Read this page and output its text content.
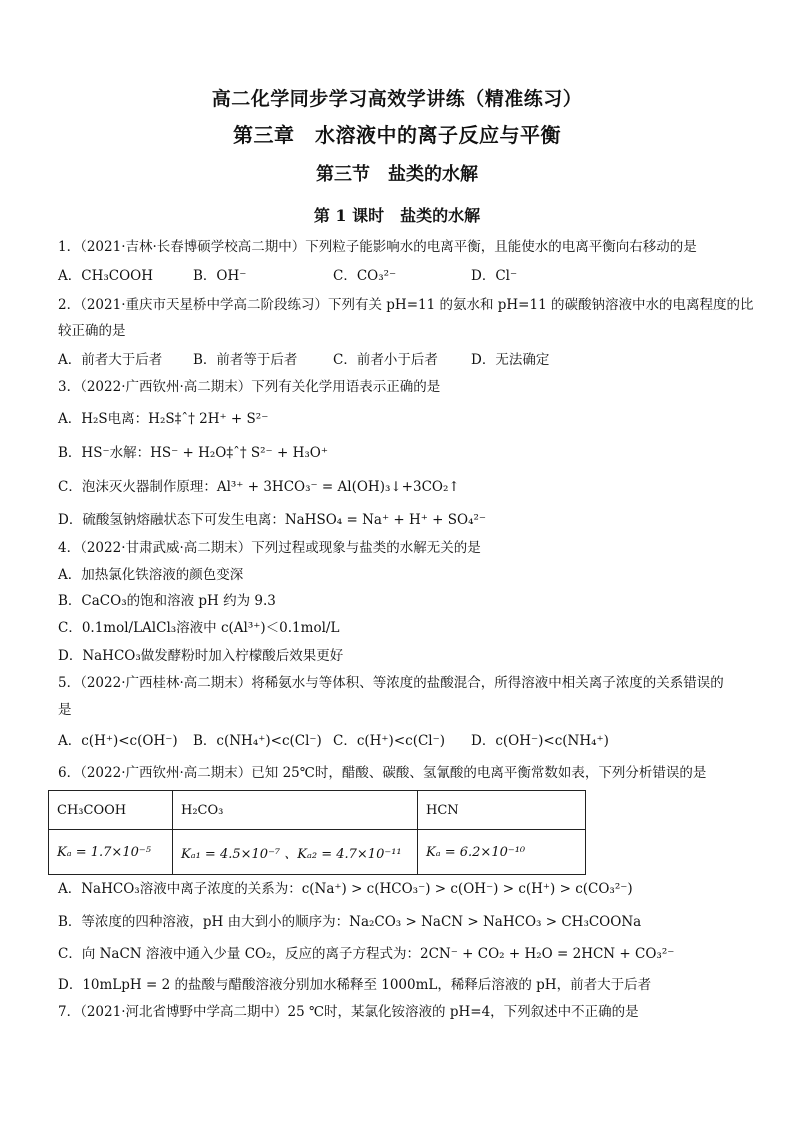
高二化学同步学习高效学讲练（精准练习）
第三章　水溶液中的离子反应与平衡
第三节　盐类的水解
第 1 课时　盐类的水解
1．（2021·吉林·长春博硕学校高二期中）下列粒子能影响水的电离平衡，且能使水的电离平衡向右移动的是
A．CH₃COOH	B．OH⁻	C．CO₃²⁻	D．Cl⁻
2．（2021·重庆市天星桥中学高二阶段练习）下列有关 pH=11 的氨水和 pH=11 的碳酸钠溶液中水的电离程度的比
较正确的是
A．前者大于后者 B．前者等于后者	C．前者小于后者 D．无法确定
3．（2022·广西钦州·高二期末）下列有关化学用语表示正确的是
A．H₂S电离：H₂S‡ˆ† 2H⁺ + S²⁻
B．HS⁻水解：HS⁻ + H₂O‡ˆ† S²⁻ + H₃O⁺
C．泡沫灭火器制作原理：Al³⁺ + 3HCO₃⁻ = Al(OH)₃↓+3CO₂↑
D．硫酸氢钠熔融状态下可发生电离：NaHSO₄ = Na⁺ + H⁺ + SO₄²⁻
4．（2022·甘肃武威·高二期末）下列过程或现象与盐类的水解无关的是
A．加热氯化铁溶液的颜色变深
B．CaCO₃的饱和溶液 pH 约为 9.3
C．0.1mol/LAlCl₃溶液中 c(Al³⁺)＜0.1mol/L
D．NaHCO₃做发酵粉时加入柠檬酸后效果更好
5．（2022·广西桂林·高二期末）将稀氨水与等体积、等浓度的盐酸混合，所得溶液中相关离子浓度的关系错误的
是
A．c(H⁺)<c(OH⁻) B．c(NH₄⁺)<c(Cl⁻) C．c(H⁺)<c(Cl⁻) D．c(OH⁻)<c(NH₄⁺)
6．（2022·广西钦州·高二期末）已知 25℃时，醋酸、碳酸、氢氰酸的电离平衡常数如表，下列分析错误的是
CH₃COOH	H₂CO₃	HCN
Kₐ = 1.7×10⁻⁵	Kₐ₁ = 4.5×10⁻⁷ 、Kₐ₂ = 4.7×10⁻¹¹	Kₐ = 6.2×10⁻¹⁰
A．NaHCO₃溶液中离子浓度的关系为：c(Na⁺) > c(HCO₃⁻) > c(OH⁻) > c(H⁺) > c(CO₃²⁻)
B．等浓度的四种溶液，pH 由大到小的顺序为：Na₂CO₃ > NaCN > NaHCO₃ > CH₃COONa
C．向 NaCN 溶液中通入少量 CO₂，反应的离子方程式为：2CN⁻ + CO₂ + H₂O = 2HCN + CO₃²⁻
D．10mLpH = 2 的盐酸与醋酸溶液分别加水稀释至 1000mL，稀释后溶液的 pH，前者大于后者
7．（2021·河北省博野中学高二期中）25 ℃时，某氯化铵溶液的 pH=4，下列叙述中不正确的是
